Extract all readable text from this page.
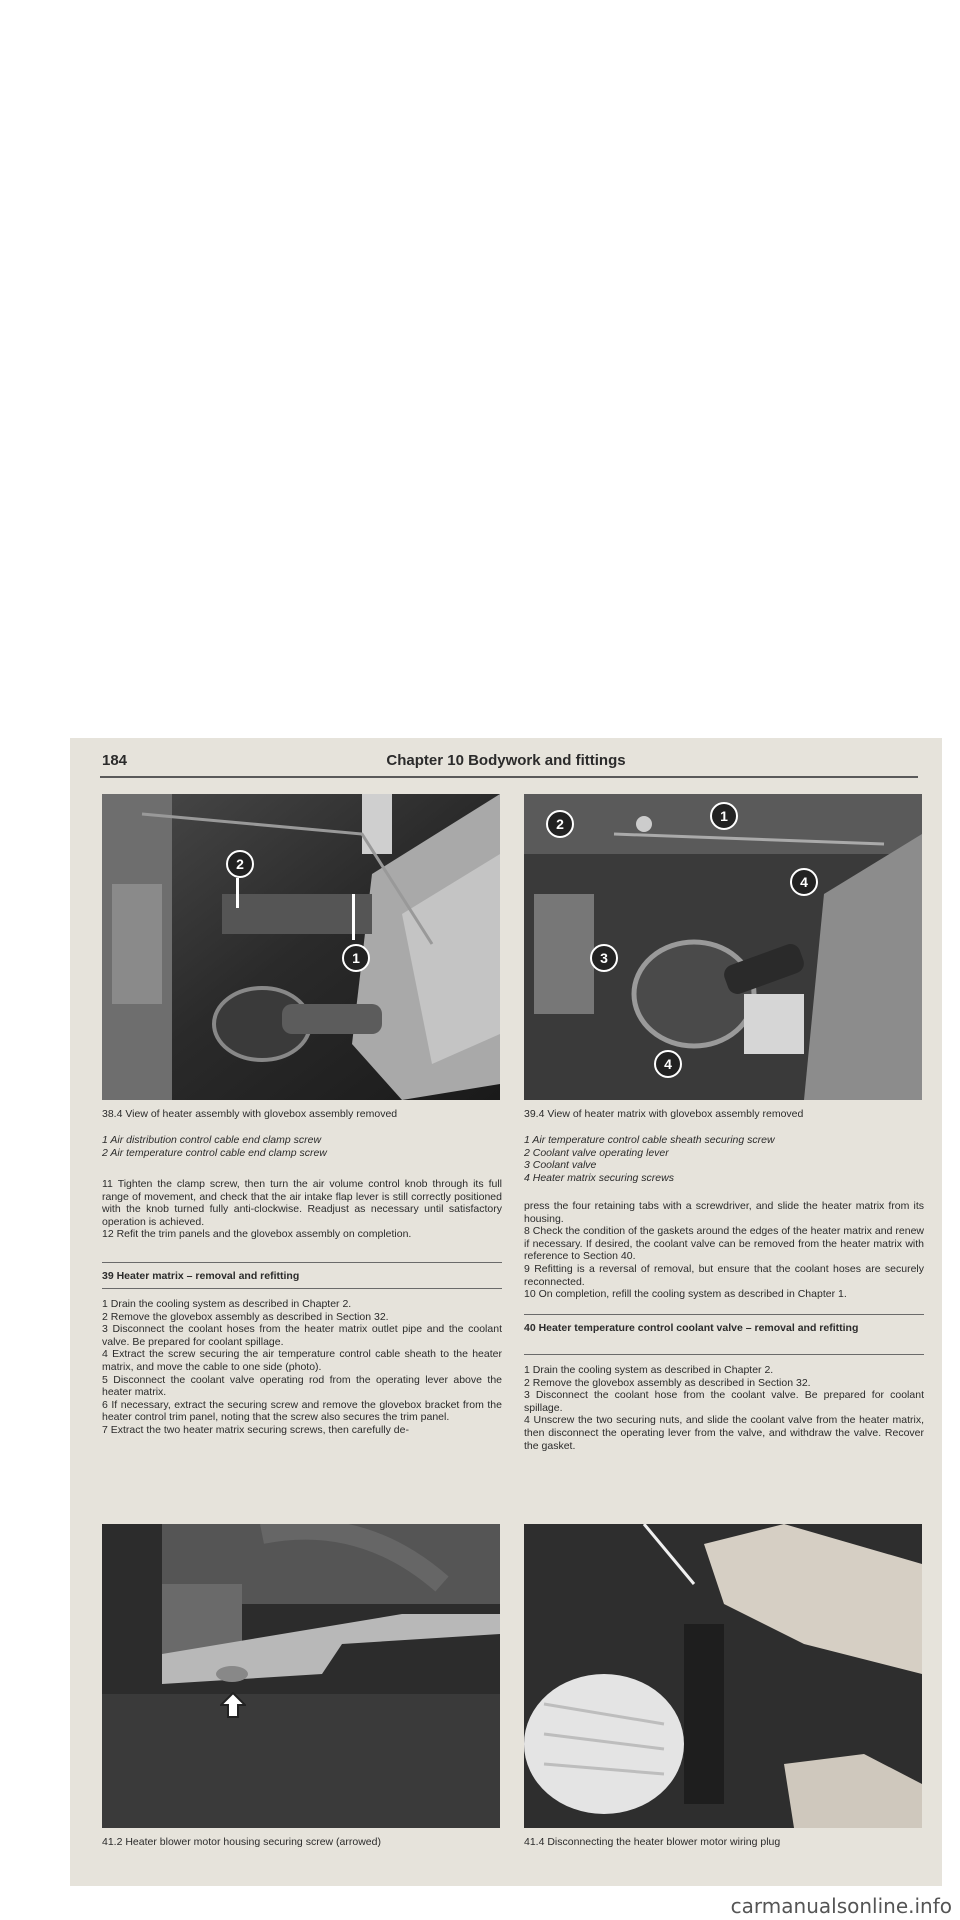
184	Chapter 10 Bodywork and fittings
2
1
38.4 View of heater assembly with glovebox assembly removed
1 Air distribution control cable end clamp screw
2 Air temperature control cable end clamp screw
2	1
4
3
4
39.4 View of heater matrix with glovebox assembly removed
1 Air temperature control cable sheath securing screw
2 Coolant valve operating lever
3 Coolant valve
4 Heater matrix securing screws

11 Tighten the clamp screw, then turn the air volume control knob through its full range of movement, and check that the air intake flap lever is still correctly positioned with the knob turned fully anti-clockwise. Readjust as necessary until satisfactory operation is achieved.

12 Refit the trim panels and the glovebox assembly on completion.

39 Heater matrix – removal and refitting

1 Drain the cooling system as described in Chapter 2.

2 Remove the glovebox assembly as described in Section 32.

3 Disconnect the coolant hoses from the heater matrix outlet pipe and the coolant valve. Be prepared for coolant spillage.

4 Extract the screw securing the air temperature control cable sheath to the heater matrix, and move the cable to one side (photo).

5 Disconnect the coolant valve operating rod from the operating lever above the heater matrix.

6 If necessary, extract the securing screw and remove the glovebox bracket from the heater control trim panel, noting that the screw also secures the trim panel.

7 Extract the two heater matrix securing screws, then carefully de-

press the four retaining tabs with a screwdriver, and slide the heater matrix from its housing.

8 Check the condition of the gaskets around the edges of the heater matrix and renew if necessary. If desired, the coolant valve can be removed from the heater matrix with reference to Section 40.

9 Refitting is a reversal of removal, but ensure that the coolant hoses are securely reconnected.

10 On completion, refill the cooling system as described in Chapter 1.

40 Heater temperature control coolant valve – removal and refitting

1 Drain the cooling system as described in Chapter 2.

2 Remove the glovebox assembly as described in Section 32.

3 Disconnect the coolant hose from the coolant valve. Be prepared for coolant spillage.

4 Unscrew the two securing nuts, and slide the coolant valve from the heater matrix, then disconnect the operating lever from the valve, and withdraw the valve. Recover the gasket.

41.2 Heater blower motor housing securing screw (arrowed)	41.4 Disconnecting the heater blower motor wiring plug
carmanualsonline.info
